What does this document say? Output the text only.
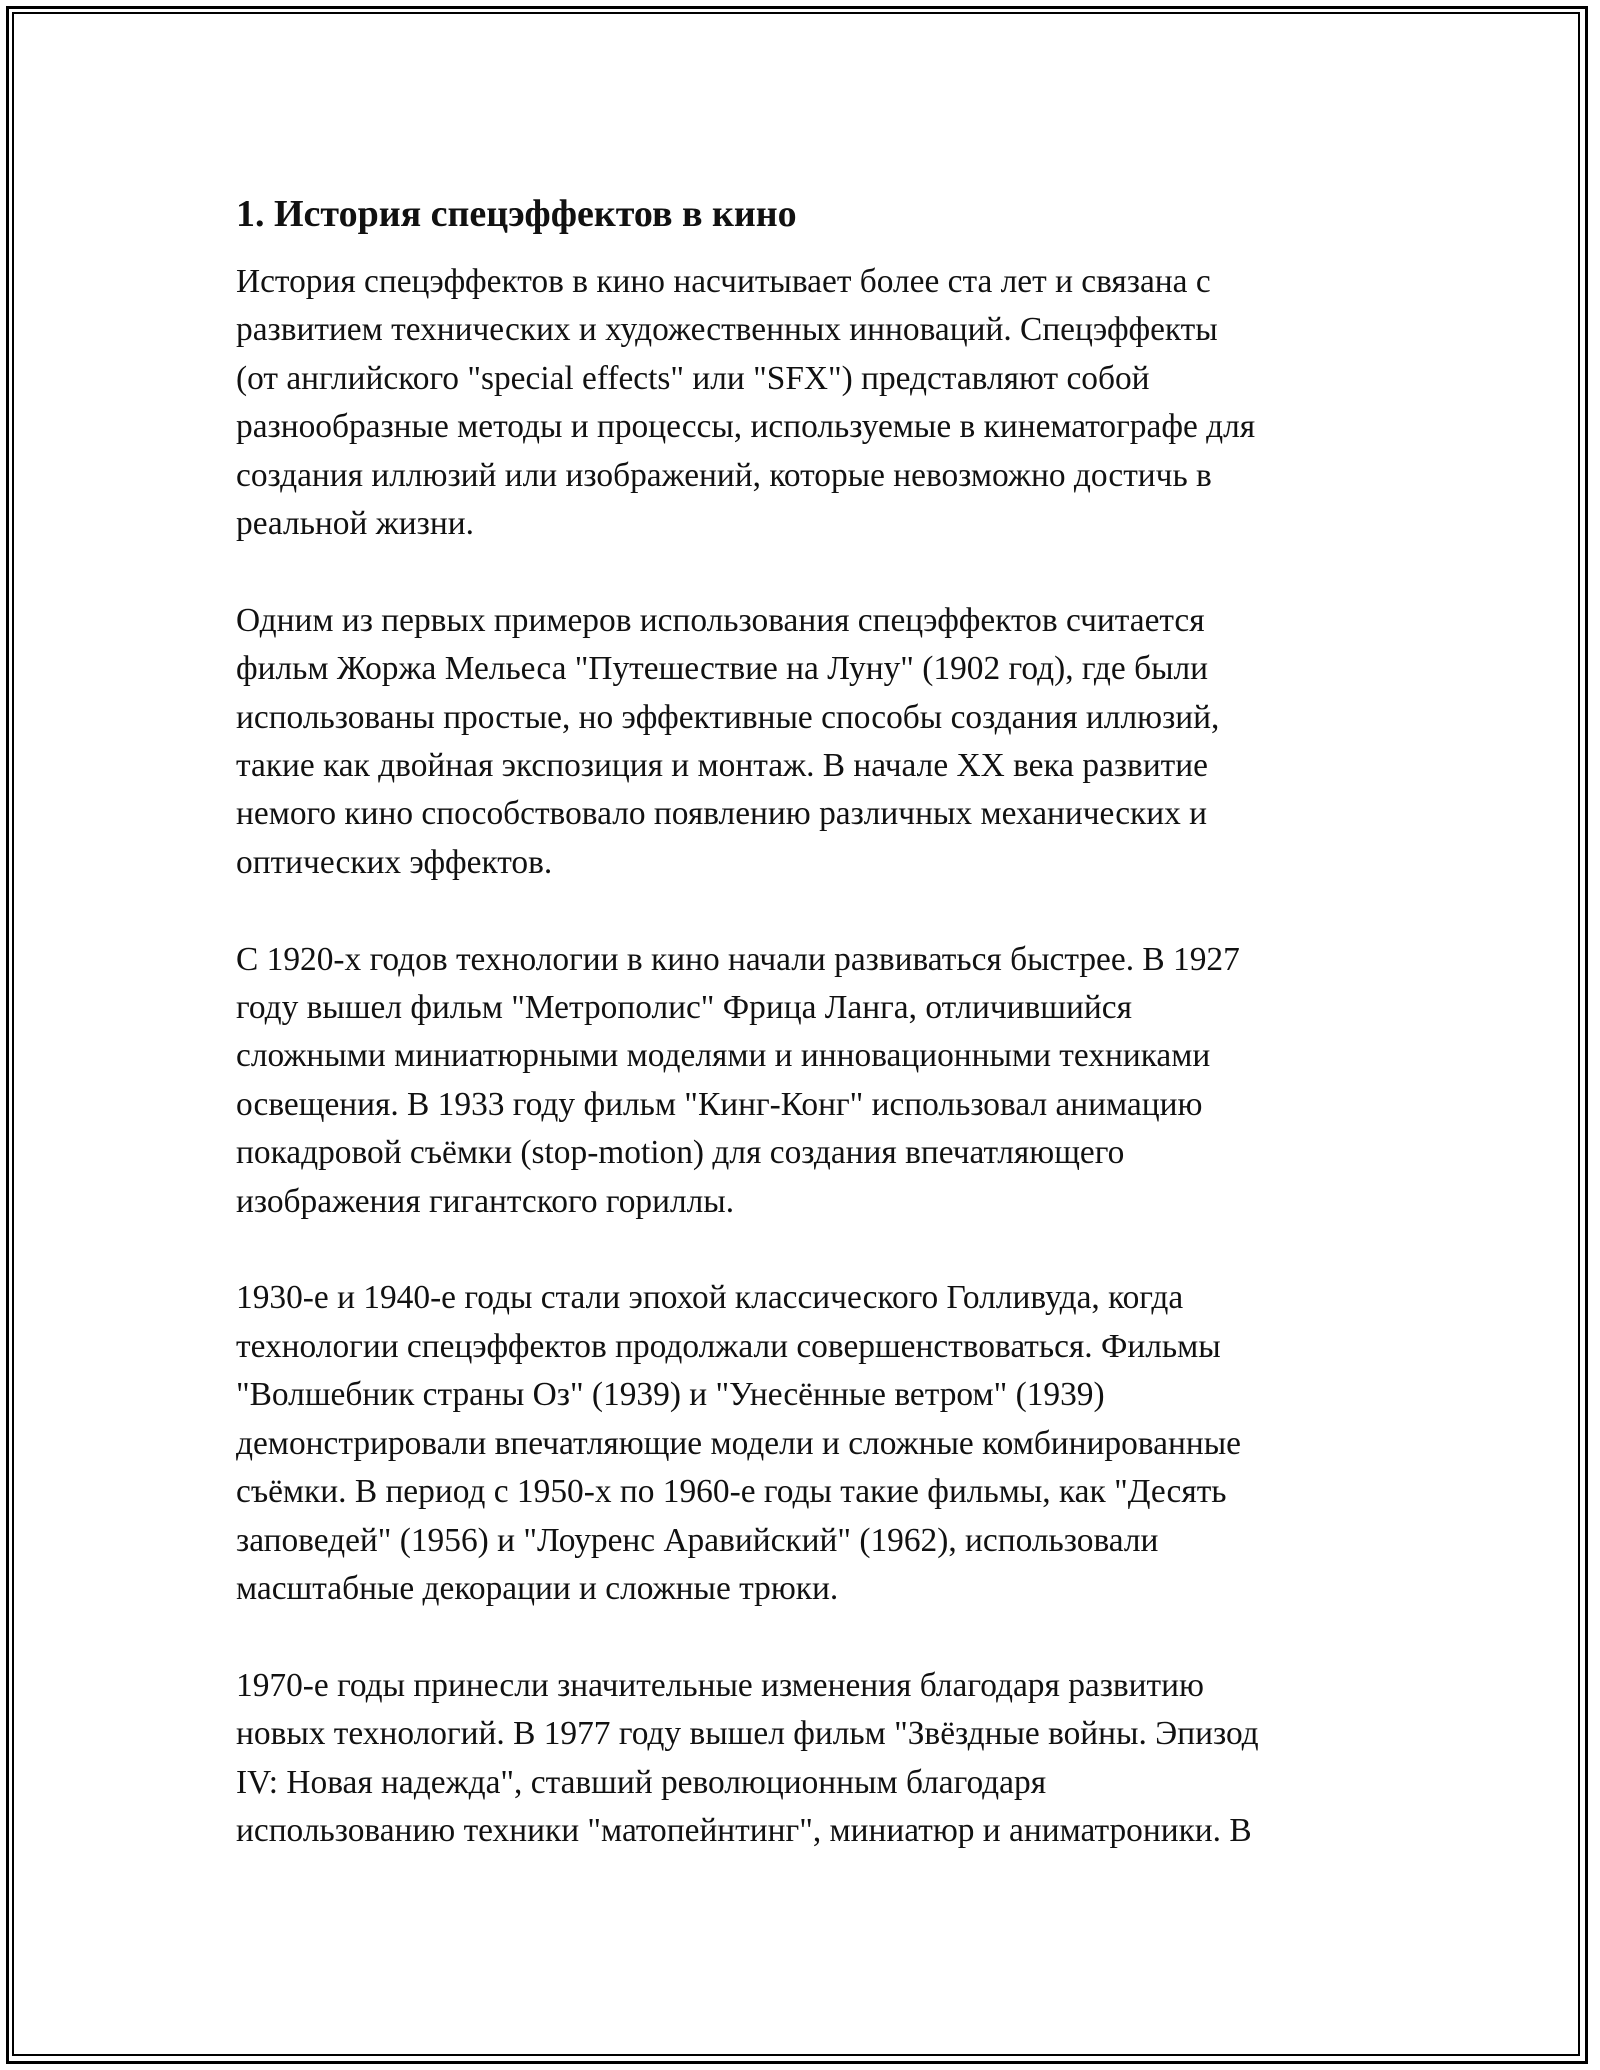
1. История спецэффектов в кино

История спецэффектов в кино насчитывает более ста лет и связана с
развитием технических и художественных инноваций. Спецэффекты
(от английского "special effects" или "SFX") представляют собой
разнообразные методы и процессы, используемые в кинематографе для
создания иллюзий или изображений, которые невозможно достичь в
реальной жизни.

Одним из первых примеров использования спецэффектов считается
фильм Жоржа Мельеса "Путешествие на Луну" (1902 год), где были
использованы простые, но эффективные способы создания иллюзий,
такие как двойная экспозиция и монтаж. В начале XX века развитие
немого кино способствовало появлению различных механических и
оптических эффектов.

С 1920-х годов технологии в кино начали развиваться быстрее. В 1927
году вышел фильм "Метрополис" Фрица Ланга, отличившийся
сложными миниатюрными моделями и инновационными техниками
освещения. В 1933 году фильм "Кинг-Конг" использовал анимацию
покадровой съёмки (stop-motion) для создания впечатляющего
изображения гигантского гориллы.

1930-е и 1940-е годы стали эпохой классического Голливуда, когда
технологии спецэффектов продолжали совершенствоваться. Фильмы
"Волшебник страны Оз" (1939) и "Унесённые ветром" (1939)
демонстрировали впечатляющие модели и сложные комбинированные
съёмки. В период с 1950-х по 1960-е годы такие фильмы, как "Десять
заповедей" (1956) и "Лоуренс Аравийский" (1962), использовали
масштабные декорации и сложные трюки.

1970-е годы принесли значительные изменения благодаря развитию
новых технологий. В 1977 году вышел фильм "Звёздные войны. Эпизод
IV: Новая надежда", ставший революционным благодаря
использованию техники "матопейнтинг", миниатюр и аниматроники. В
